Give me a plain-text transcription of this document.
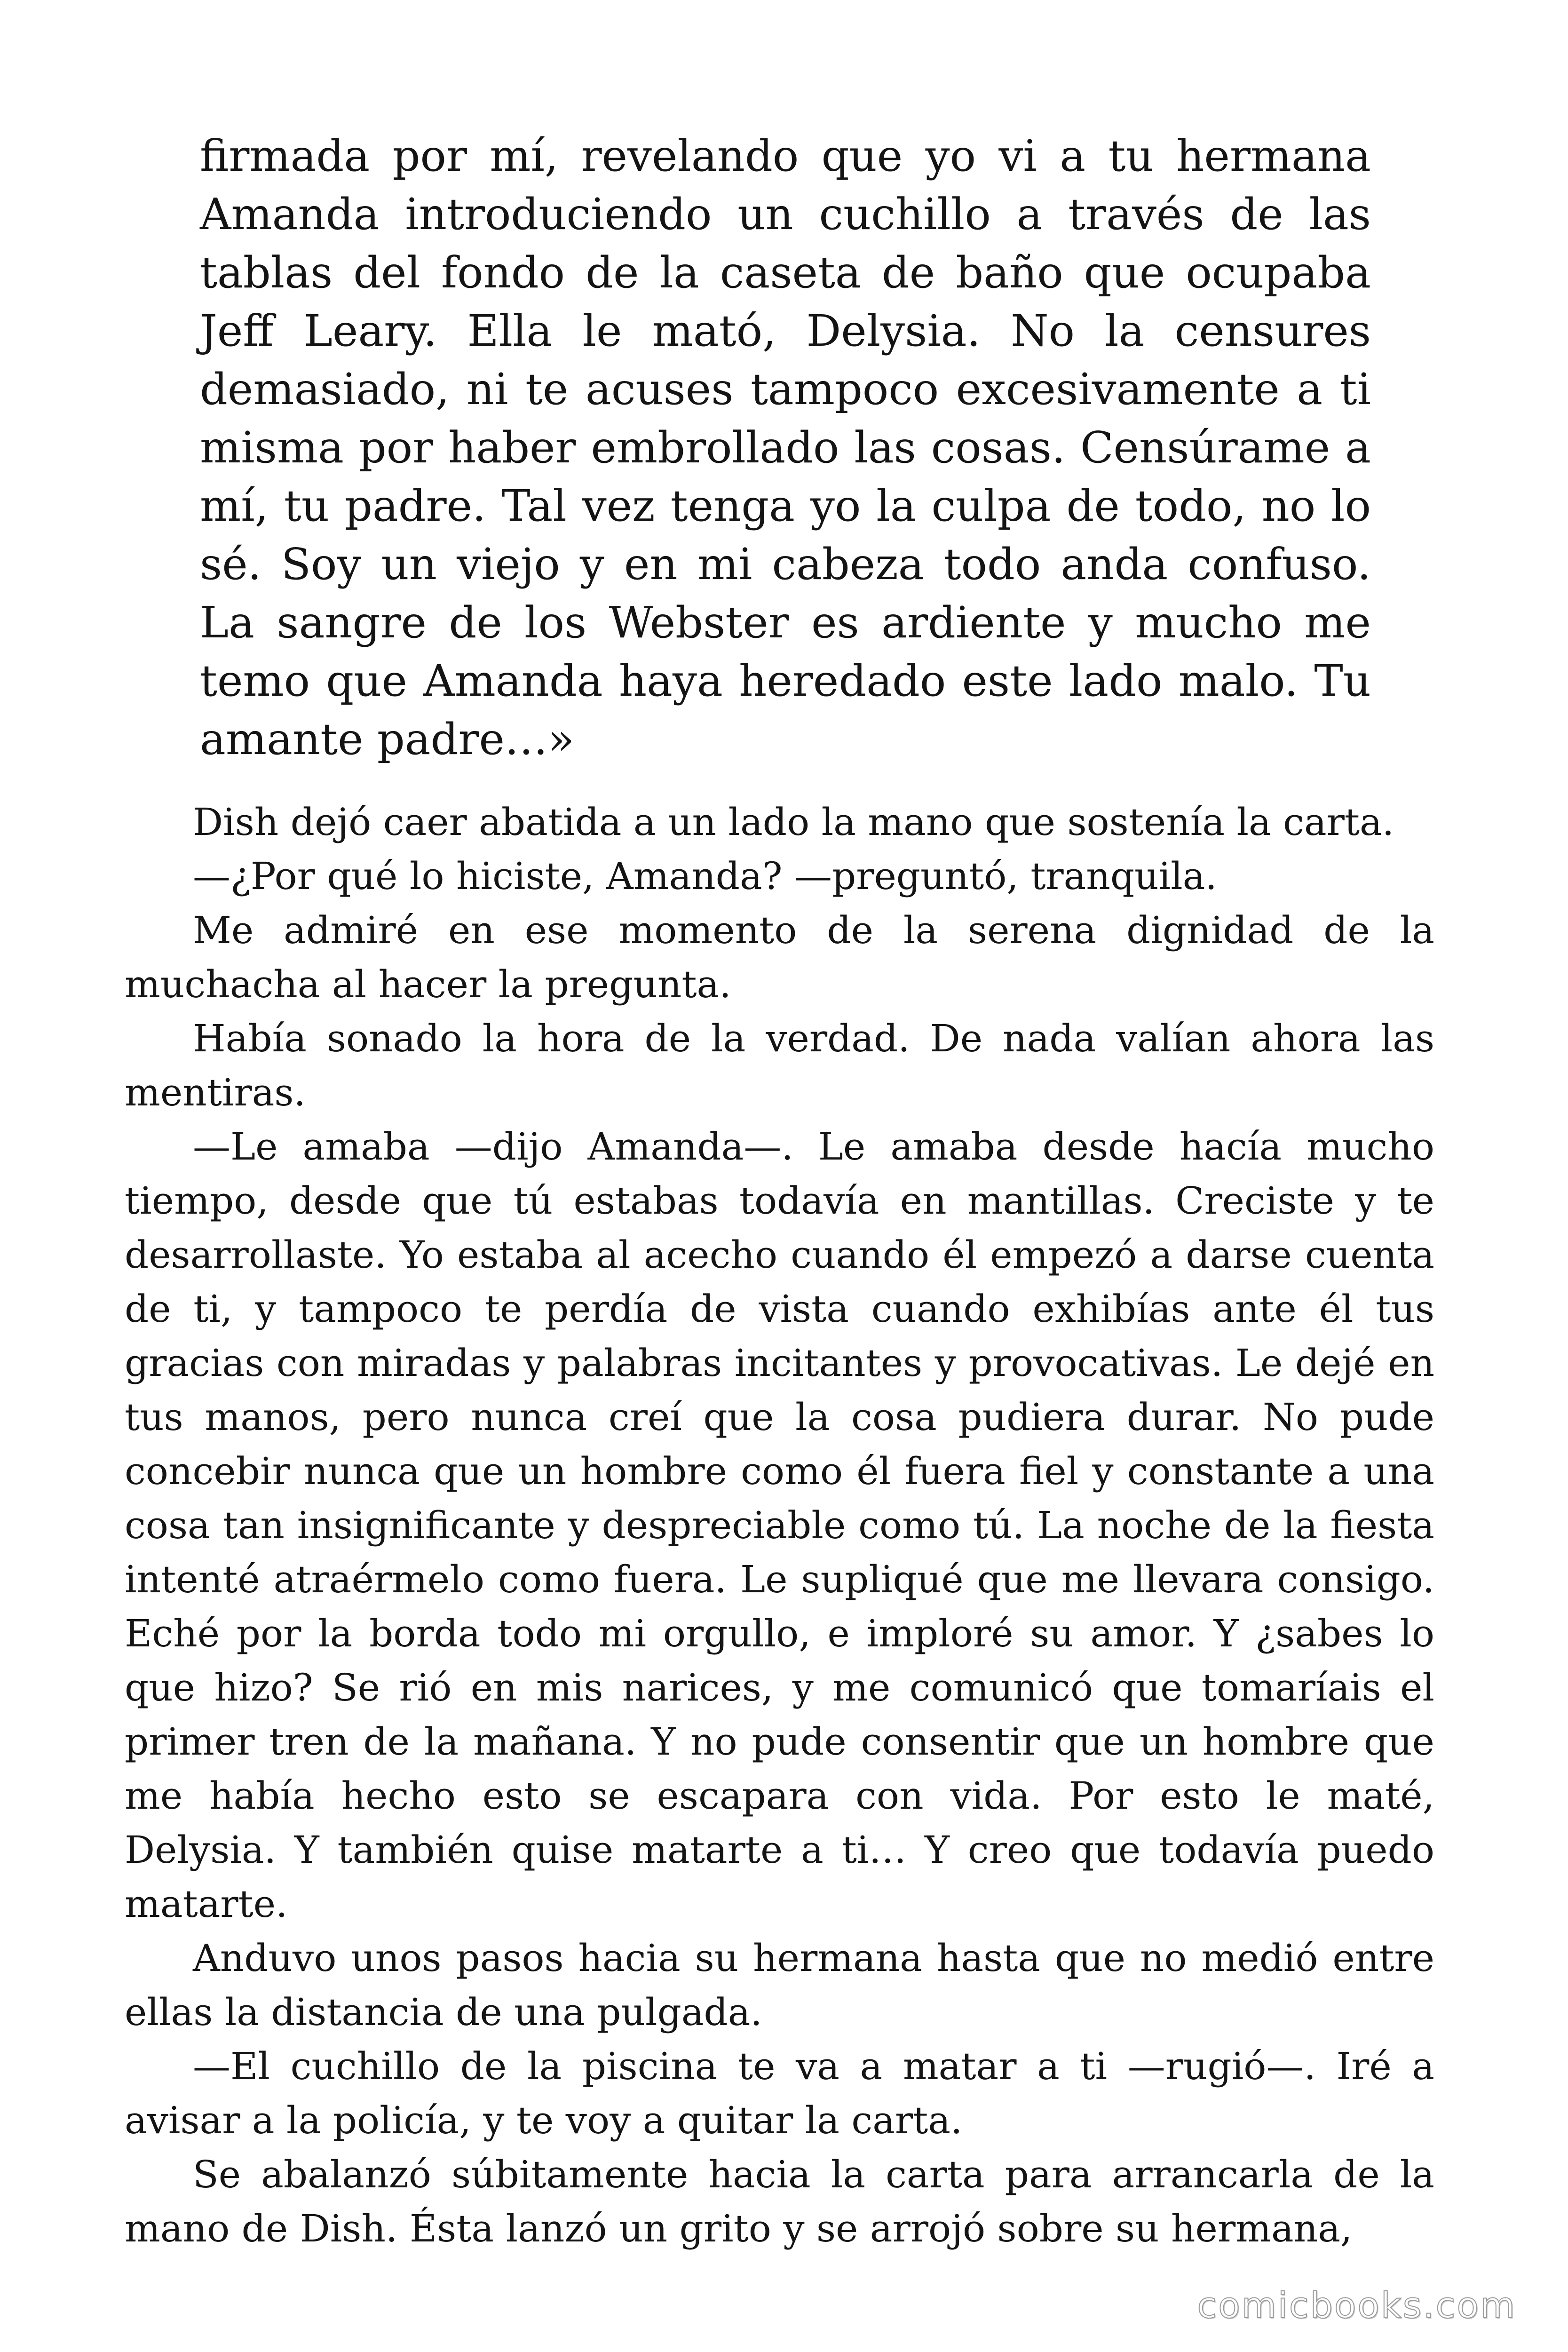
firmada por mí, revelando que yo vi a tu hermana Amanda introduciendo un cuchillo a través de las tablas del fondo de la caseta de baño que ocupaba Jeff Leary. Ella le mató, Delysia. No la censures demasiado, ni te acuses tampoco excesivamente a ti misma por haber embrollado las cosas. Censúrame a mí, tu padre. Tal vez tenga yo la culpa de todo, no lo sé. Soy un viejo y en mi cabeza todo anda confuso. La sangre de los Webster es ardiente y mucho me temo que Amanda haya heredado este lado malo. Tu amante padre…»

Dish dejó caer abatida a un lado la mano que sostenía la carta.

—¿Por qué lo hiciste, Amanda? —preguntó, tranquila.

Me admiré en ese momento de la serena dignidad de la muchacha al hacer la pregunta.

Había sonado la hora de la verdad. De nada valían ahora las mentiras.

—Le amaba —dijo Amanda—. Le amaba desde hacía mucho tiempo, desde que tú estabas todavía en mantillas. Creciste y te desarrollaste. Yo estaba al acecho cuando él empezó a darse cuenta de ti, y tampoco te perdía de vista cuando exhibías ante él tus gracias con miradas y palabras incitantes y provocativas. Le dejé en tus manos, pero nunca creí que la cosa pudiera durar. No pude concebir nunca que un hombre como él fuera fiel y constante a una cosa tan insignificante y despreciable como tú. La noche de la fiesta intenté atraérmelo como fuera. Le supliqué que me llevara consigo. Eché por la borda todo mi orgullo, e imploré su amor. Y ¿sabes lo que hizo? Se rió en mis narices, y me comunicó que tomaríais el primer tren de la mañana. Y no pude consentir que un hombre que me había hecho esto se escapara con vida. Por esto le maté, Delysia. Y también quise matarte a ti… Y creo que todavía puedo matarte.

Anduvo unos pasos hacia su hermana hasta que no medió entre ellas la distancia de una pulgada.

—El cuchillo de la piscina te va a matar a ti —rugió—. Iré a avisar a la policía, y te voy a quitar la carta.

Se abalanzó súbitamente hacia la carta para arrancarla de la mano de Dish. Ésta lanzó un grito y se arrojó sobre su hermana,

comicbooks.com
